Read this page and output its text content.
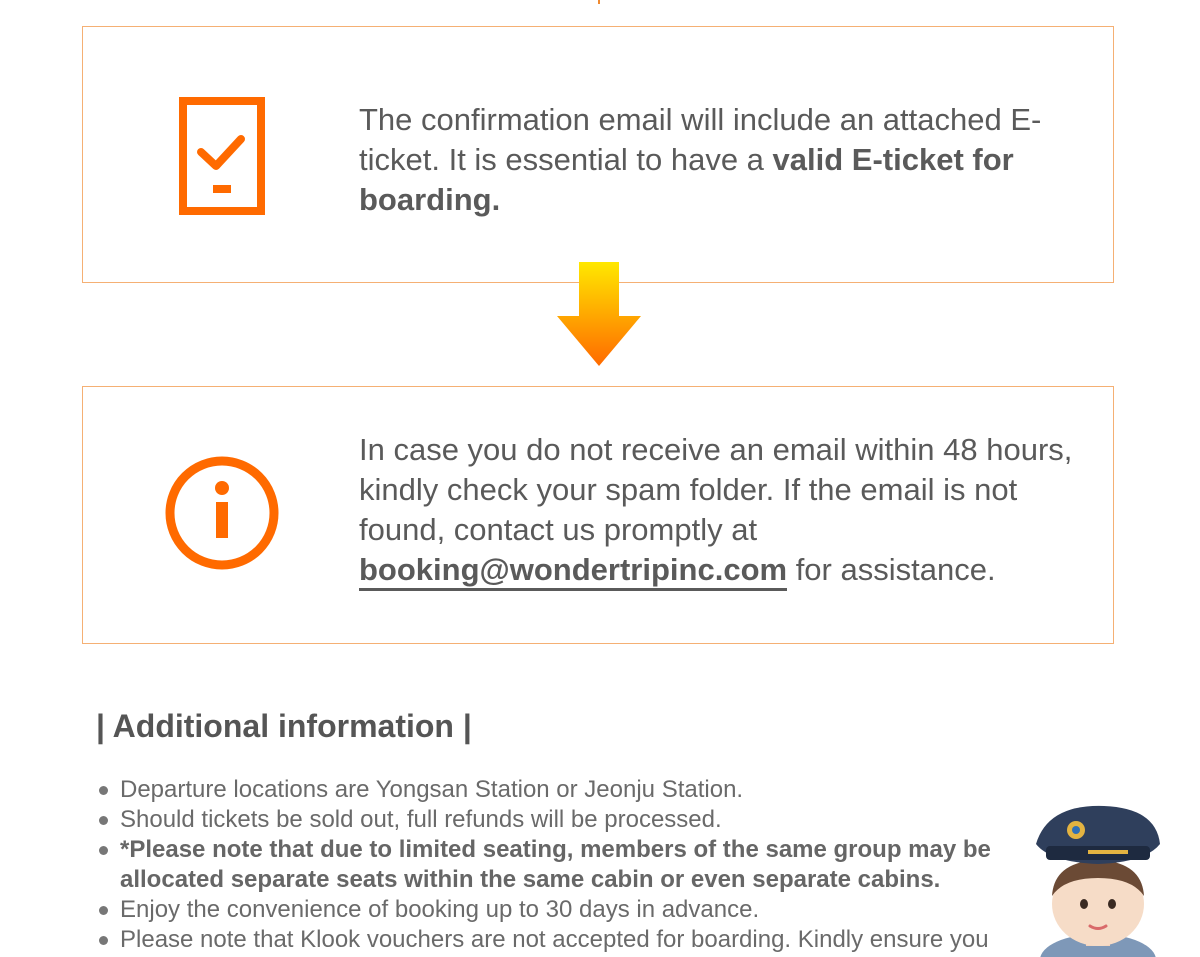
The confirmation email will include an attached E-ticket. It is essential to have a valid E-ticket for boarding.

In case you do not receive an email within 48 hours, kindly check your spam folder. If the email is not found, contact us promptly at booking@wondertripinc.com for assistance.

| Additional information |
Departure locations are Yongsan Station or Jeonju Station.
Should tickets be sold out, full refunds will be processed.
*Please note that due to limited seating, members of the same group may be allocated separate seats within the same cabin or even separate cabins.
Enjoy the convenience of booking up to 30 days in advance.
Please note that Klook vouchers are not accepted for boarding. Kindly ensure you
